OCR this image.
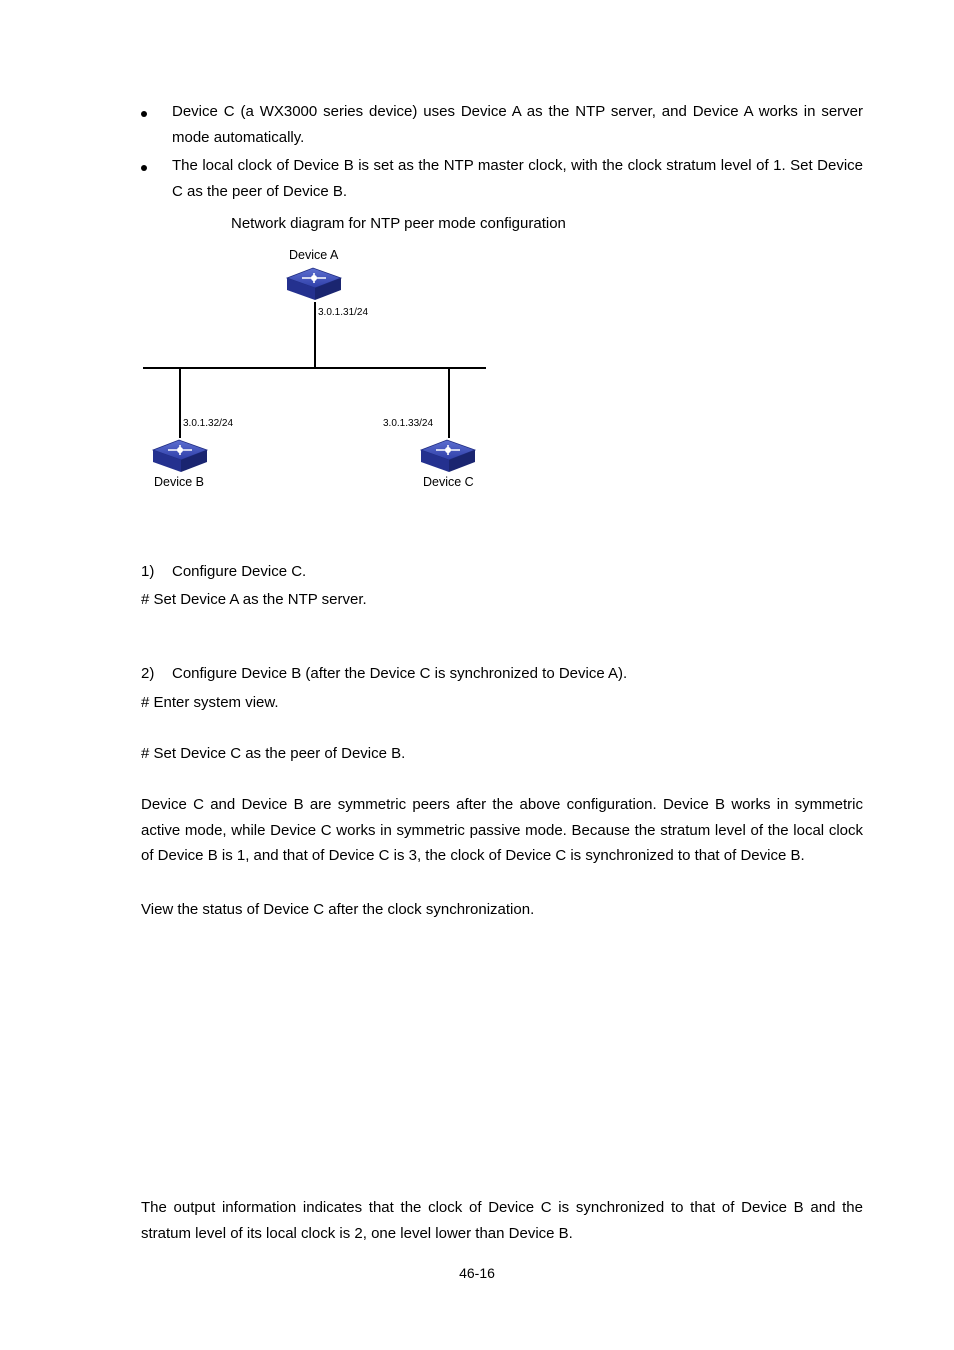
Device C (a WX3000 series device) uses Device A as the NTP server, and Device A works in server mode automatically.

The local clock of Device B is set as the NTP master clock, with the clock stratum level of 1. Set Device C as the peer of Device B.

Network diagram for NTP peer mode configuration
Device A
3.0.1.31/24
3.0.1.32/24
Device B
3.0.1.33/24
Device C
1) Configure Device C.
# Set Device A as the NTP server.
2) Configure Device B (after the Device C is synchronized to Device A).
# Enter system view.
# Set Device C as the peer of Device B.

Device C and Device B are symmetric peers after the above configuration. Device B works in symmetric active mode, while Device C works in symmetric passive mode. Because the stratum level of the local clock of Device B is 1, and that of Device C is 3, the clock of Device C is synchronized to that of Device B.

View the status of Device C after the clock synchronization.

The output information indicates that the clock of Device C is synchronized to that of Device B and the stratum level of its local clock is 2, one level lower than Device B.

46-16
